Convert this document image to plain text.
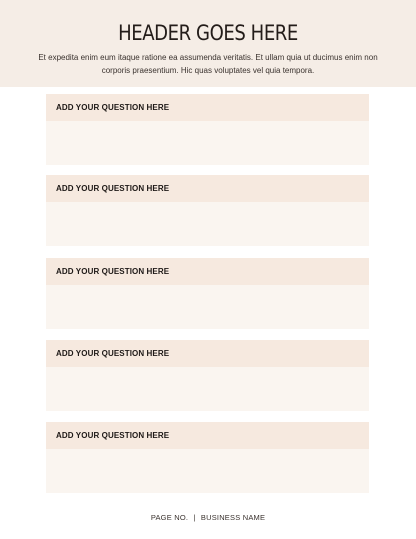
HEADER GOES HERE

Et expedita enim eum itaque ratione ea assumenda veritatis. Et ullam quia ut ducimus enim non corporis praesentium. Hic quas voluptates vel quia tempora.

ADD YOUR QUESTION HERE

ADD YOUR QUESTION HERE

ADD YOUR QUESTION HERE

ADD YOUR QUESTION HERE

ADD YOUR QUESTION HERE

PAGE NO. | BUSINESS NAME
